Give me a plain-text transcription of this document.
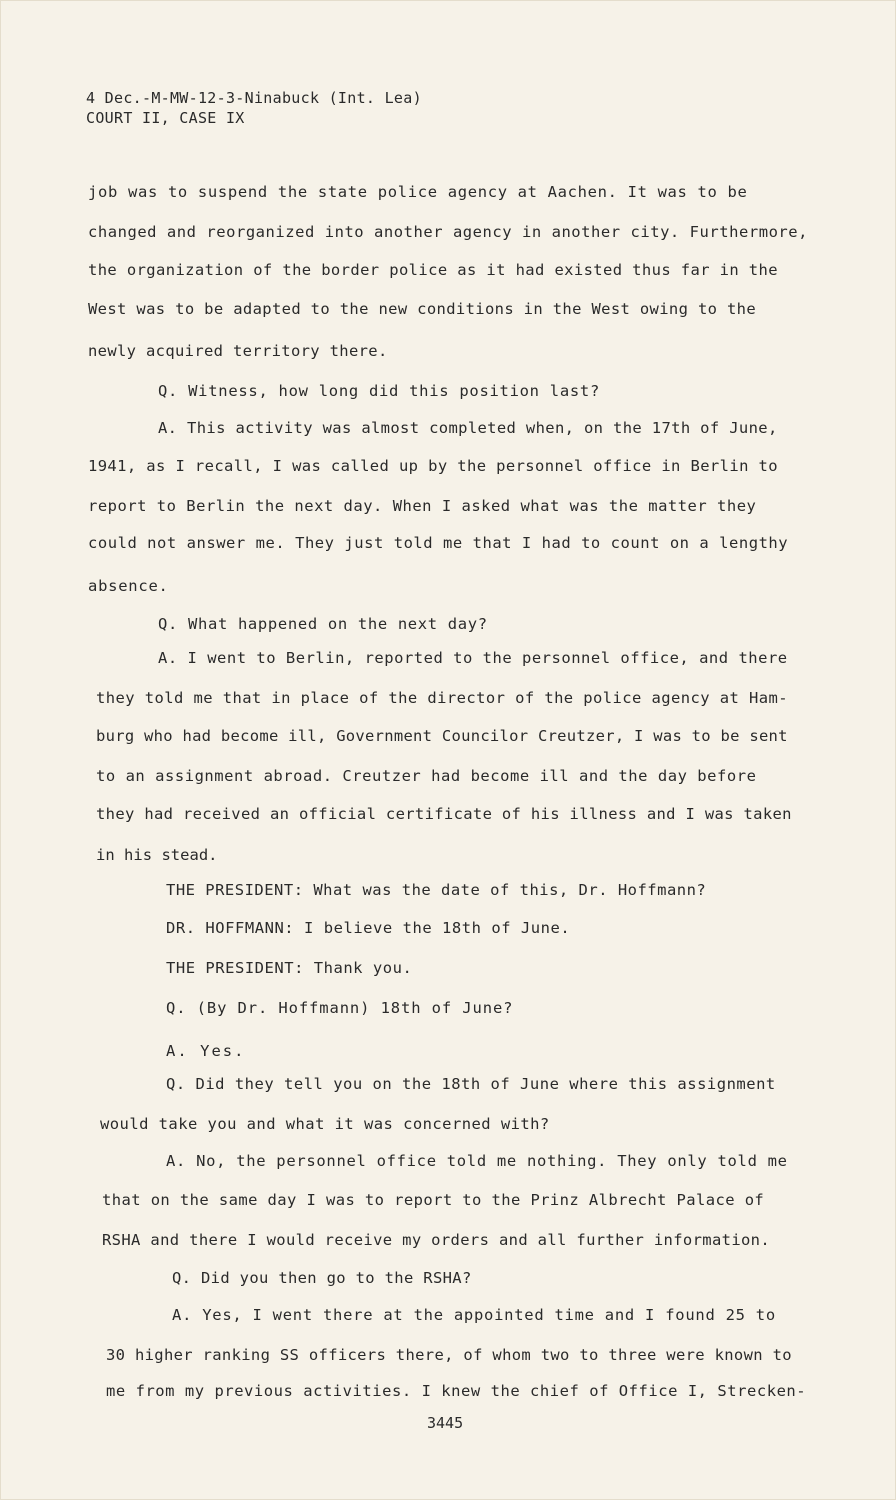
4 Dec.-M-MW-12-3-Ninabuck (Int. Lea)
COURT II, CASE IX
job was to suspend the state police agency at Aachen. It was to be
changed and reorganized into another agency in another city. Furthermore,
the organization of the border police as it had existed thus far in the
West was to be adapted to the new conditions in the West owing to the
newly acquired territory there.
Q. Witness, how long did this position last?
A. This activity was almost completed when, on the 17th of June,
1941, as I recall, I was called up by the personnel office in Berlin to
report to Berlin the next day. When I asked what was the matter they
could not answer me. They just told me that I had to count on a lengthy
absence.
Q. What happened on the next day?
A. I went to Berlin, reported to the personnel office, and there
they told me that in place of the director of the police agency at Ham-
burg who had become ill, Government Councilor Creutzer, I was to be sent
to an assignment abroad. Creutzer had become ill and the day before
they had received an official certificate of his illness and I was taken
in his stead.
THE PRESIDENT: What was the date of this, Dr. Hoffmann?
DR. HOFFMANN: I believe the 18th of June.
THE PRESIDENT: Thank you.
Q. (By Dr. Hoffmann) 18th of June?
A. Yes.
Q. Did they tell you on the 18th of June where this assignment
would take you and what it was concerned with?
A. No, the personnel office told me nothing. They only told me
that on the same day I was to report to the Prinz Albrecht Palace of
RSHA and there I would receive my orders and all further information.
Q. Did you then go to the RSHA?
A. Yes, I went there at the appointed time and I found 25 to
30 higher ranking SS officers there, of whom two to three were known to
me from my previous activities. I knew the chief of Office I, Strecken-
3445
